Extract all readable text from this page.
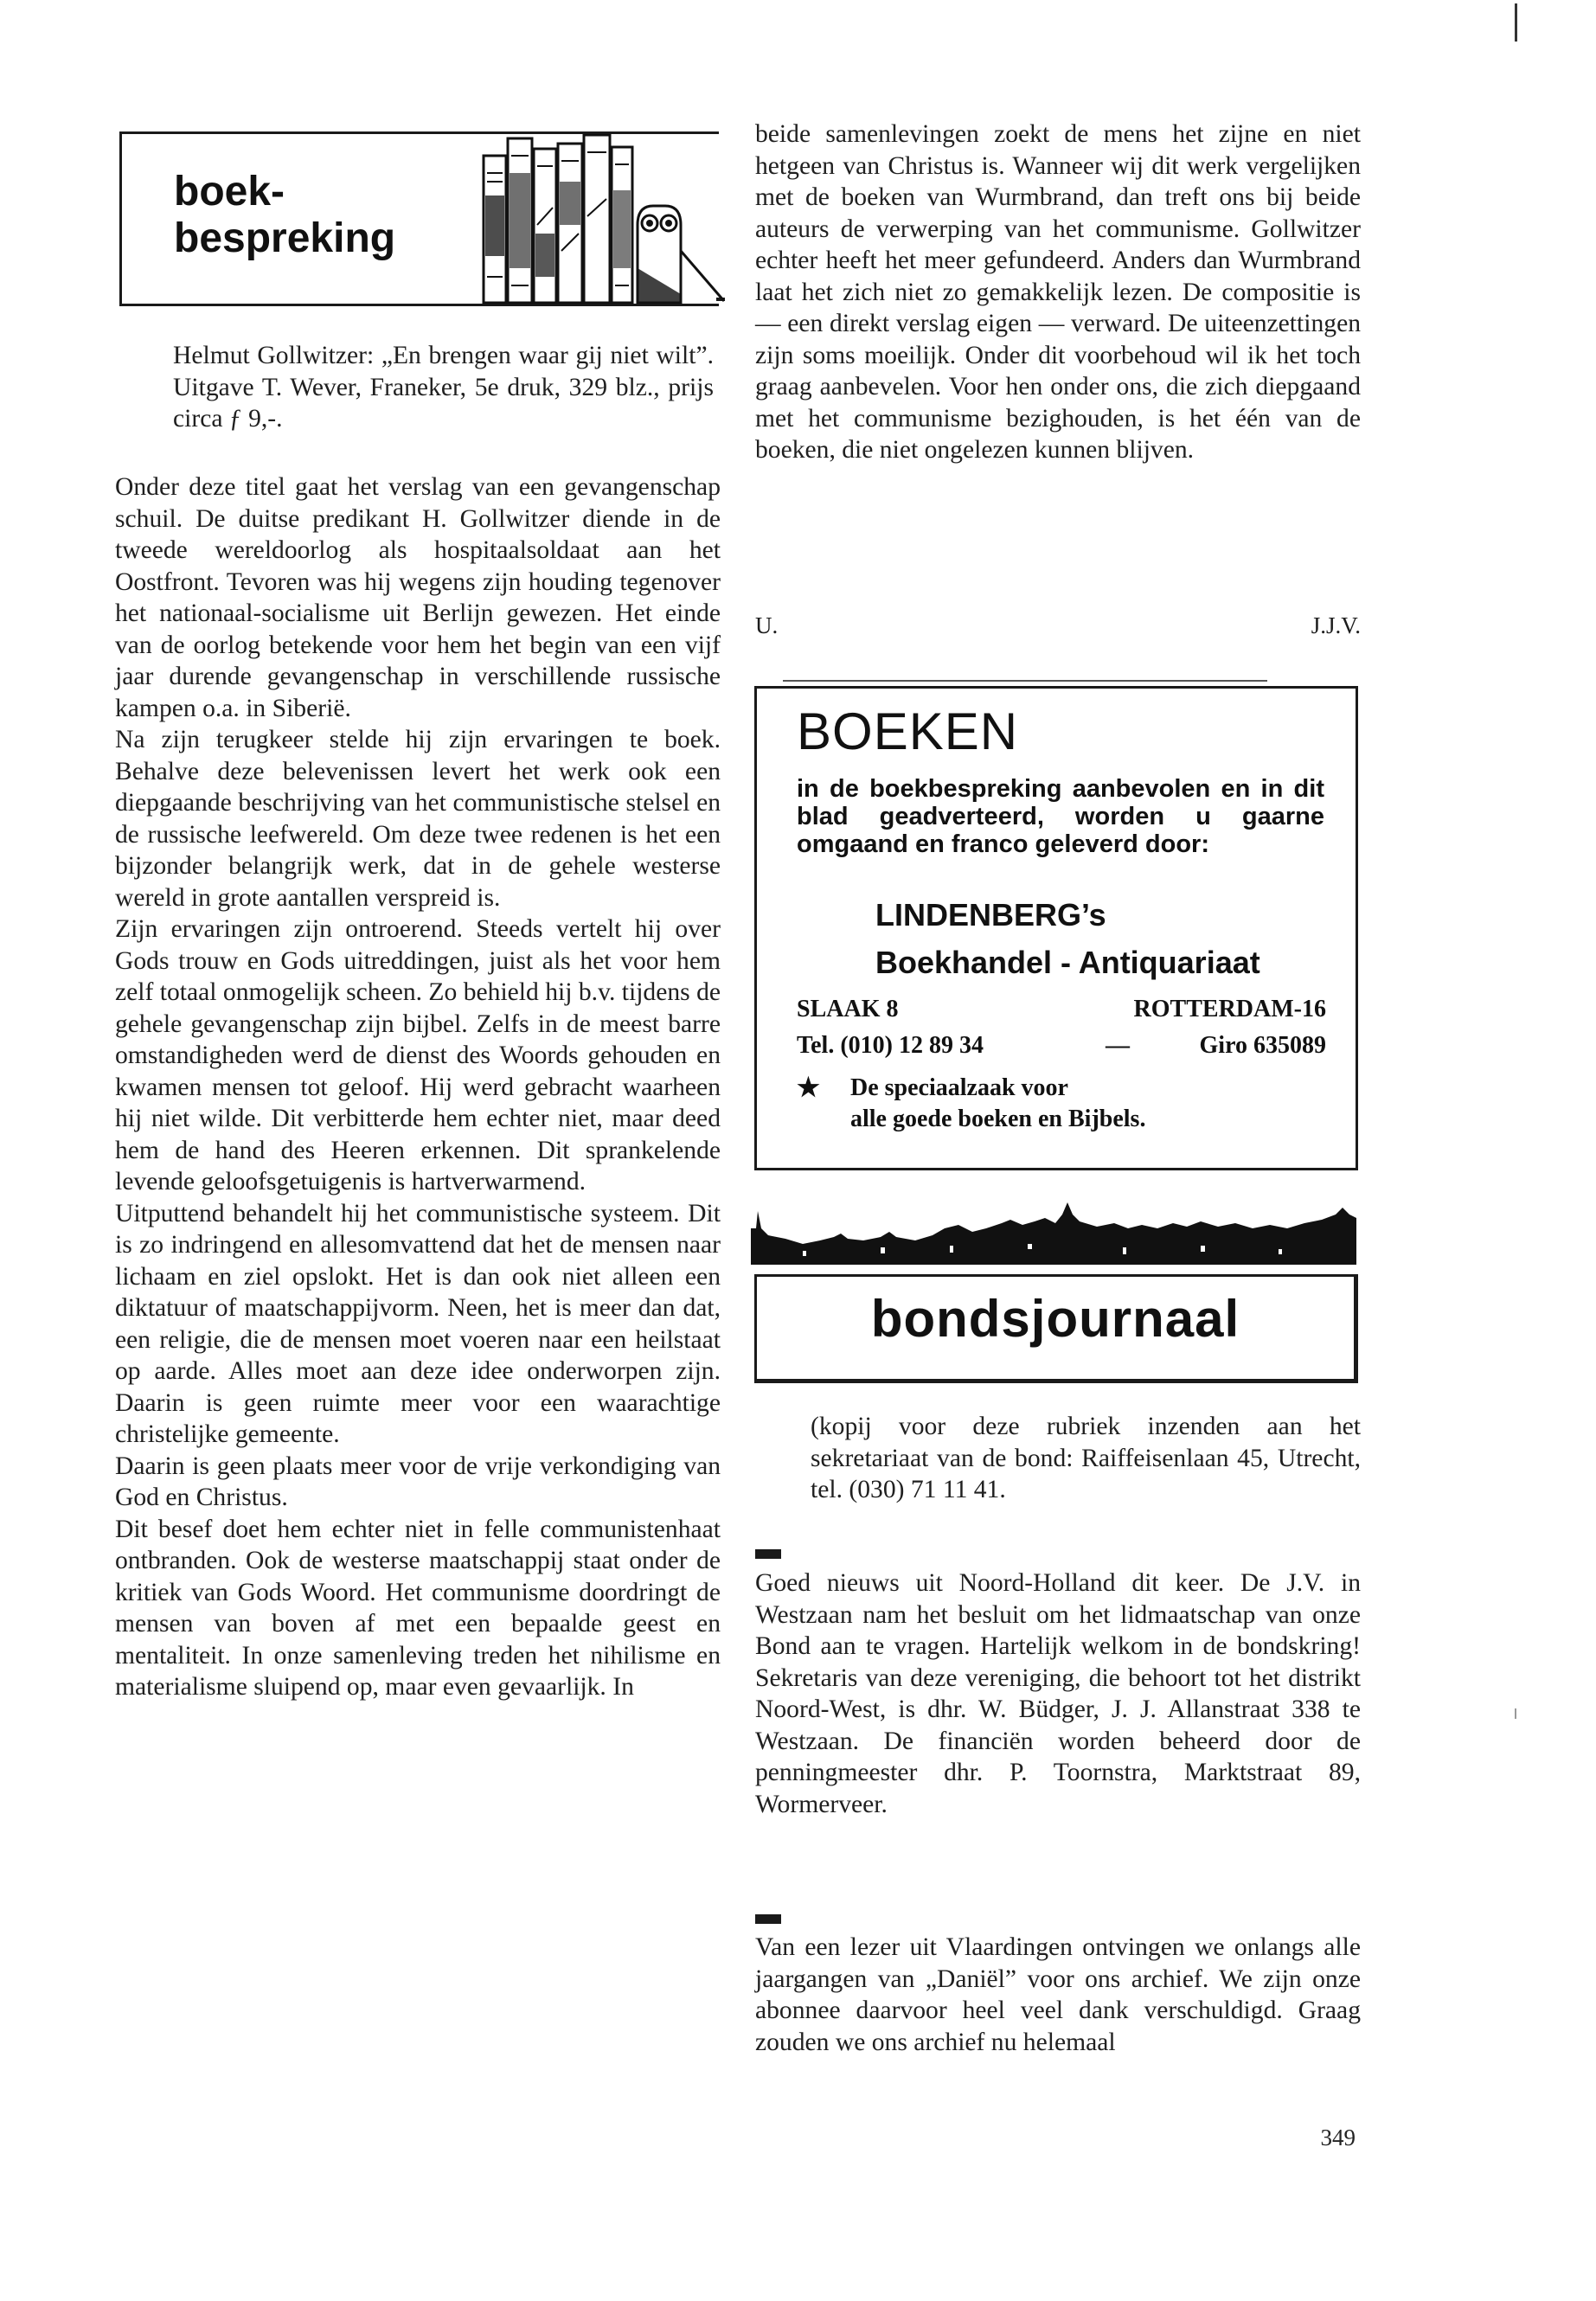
boek-
bespreking

Helmut Gollwitzer: „En brengen waar gij niet wilt”. Uitgave T. Wever, Franeker, 5e druk, 329 blz., prijs circa ƒ 9,-.

Onder deze titel gaat het verslag van een gevangenschap schuil. De duitse predikant H. Gollwitzer diende in de tweede wereldoorlog als hospitaalsoldaat aan het Oostfront. Tevoren was hij wegens zijn houding tegenover het nationaal-socialisme uit Berlijn gewezen. Het einde van de oorlog betekende voor hem het begin van een vijf jaar durende gevangenschap in verschillende russische kampen o.a. in Siberië.

Na zijn terugkeer stelde hij zijn ervaringen te boek. Behalve deze belevenissen levert het werk ook een diepgaande beschrijving van het communistische stelsel en de russische leefwereld. Om deze twee redenen is het een bijzonder belangrijk werk, dat in de gehele westerse wereld in grote aantallen verspreid is.

Zijn ervaringen zijn ontroerend. Steeds vertelt hij over Gods trouw en Gods uitreddingen, juist als het voor hem zelf totaal onmogelijk scheen. Zo behield hij b.v. tijdens de gehele gevangenschap zijn bijbel. Zelfs in de meest barre omstandigheden werd de dienst des Woords gehouden en kwamen mensen tot geloof. Hij werd gebracht waarheen hij niet wilde. Dit verbitterde hem echter niet, maar deed hem de hand des Heeren erkennen. Dit sprankelende levende geloofsgetuigenis is hartverwarmend.

Uitputtend behandelt hij het communistische systeem. Dit is zo indringend en allesomvattend dat het de mensen naar lichaam en ziel opslokt. Het is dan ook niet alleen een diktatuur of maatschappijvorm. Neen, het is meer dan dat, een religie, die de mensen moet voeren naar een heilstaat op aarde. Alles moet aan deze idee onderworpen zijn. Daarin is geen ruimte meer voor een waarachtige christelijke gemeente.

Daarin is geen plaats meer voor de vrije verkondiging van God en Christus.

Dit besef doet hem echter niet in felle communistenhaat ontbranden. Ook de westerse maatschappij staat onder de kritiek van Gods Woord. Het communisme doordringt de mensen van boven af met een bepaalde geest en mentaliteit. In onze samenleving treden het nihilisme en materialisme sluipend op, maar even gevaarlijk. In

beide samenlevingen zoekt de mens het zijne en niet hetgeen van Christus is. Wanneer wij dit werk vergelijken met de boeken van Wurmbrand, dan treft ons bij beide auteurs de verwerping van het communisme. Gollwitzer echter heeft het meer gefundeerd. Anders dan Wurmbrand laat het zich niet zo gemakkelijk lezen. De compositie is — een direkt verslag eigen — verward. De uiteenzettingen zijn soms moeilijk. Onder dit voorbehoud wil ik het toch graag aanbevelen. Voor hen onder ons, die zich diepgaand met het communisme bezighouden, is het één van de boeken, die niet ongelezen kunnen blijven.

U.	J.J.V.
BOEKEN

in de boekbespreking aanbevolen en in dit blad geadverteerd, worden u gaarne omgaand en franco geleverd door:

LINDENBERG’s

Boekhandel - Antiquariaat

SLAAK 8	ROTTERDAM-16
Tel. (010) 12 89 34	—	Giro 635089
★ De speciaalzaak voor
alle goede boeken en Bijbels.
bondsjournaal

(kopij voor deze rubriek inzenden aan het sekretariaat van de bond: Raiffeisenlaan 45, Utrecht, tel. (030) 71 11 41.

Goed nieuws uit Noord-Holland dit keer. De J.V. in Westzaan nam het besluit om het lidmaatschap van onze Bond aan te vragen. Hartelijk welkom in de bondskring! Sekretaris van deze vereniging, die behoort tot het distrikt Noord-West, is dhr. W. Büdger, J. J. Allanstraat 338 te Westzaan. De financiën worden beheerd door de penningmeester dhr. P. Toornstra, Marktstraat 89, Wormerveer.

Van een lezer uit Vlaardingen ontvingen we onlangs alle jaargangen van „Daniël” voor ons archief. We zijn onze abonnee daarvoor heel veel dank verschuldigd. Graag zouden we ons archief nu helemaal

349
